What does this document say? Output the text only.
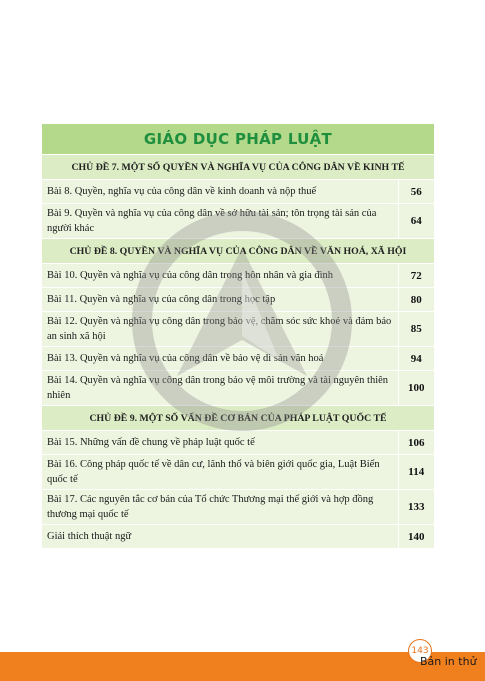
GIÁO DỤC PHÁP LUẬT	
CHỦ ĐỀ 7. MỘT SỐ QUYỀN VÀ NGHĨA VỤ CỦA CÔNG DÂN VỀ KINH TẾ	
Bài 8. Quyền, nghĩa vụ của công dân về kinh doanh và nộp thuế	56
Bài 9. Quyền và nghĩa vụ của công dân về sở hữu tài sản; tôn trọng tài sản của người khác	64
CHỦ ĐỀ 8. QUYỀN VÀ NGHĨA VỤ CỦA CÔNG DÂN VỀ VĂN HOÁ, XÃ HỘI	
Bài 10. Quyền và nghĩa vụ của công dân trong hôn nhân và gia đình	72
Bài 11. Quyền và nghĩa vụ của công dân trong học tập	80
Bài 12. Quyền và nghĩa vụ công dân trong bảo vệ, chăm sóc sức khoẻ và đảm bảo an sinh xã hội	85
Bài 13. Quyền và nghĩa vụ của công dân về bảo vệ di sản văn hoá	94
Bài 14. Quyền và nghĩa vụ công dân trong bảo vệ môi trường và tài nguyên thiên nhiên	100
CHỦ ĐỀ 9. MỘT SỐ VẤN ĐỀ CƠ BẢN CỦA PHÁP LUẬT QUỐC TẾ	
Bài 15. Những vấn đề chung về pháp luật quốc tế	106
Bài 16. Công pháp quốc tế về dân cư, lãnh thổ và biên giới quốc gia, Luật Biển quốc tế	114
Bài 17. Các nguyên tắc cơ bản của Tổ chức Thương mại thế giới và hợp đồng thương mại quốc tế	133
Giải thích thuật ngữ	140
143
Bản in thử
